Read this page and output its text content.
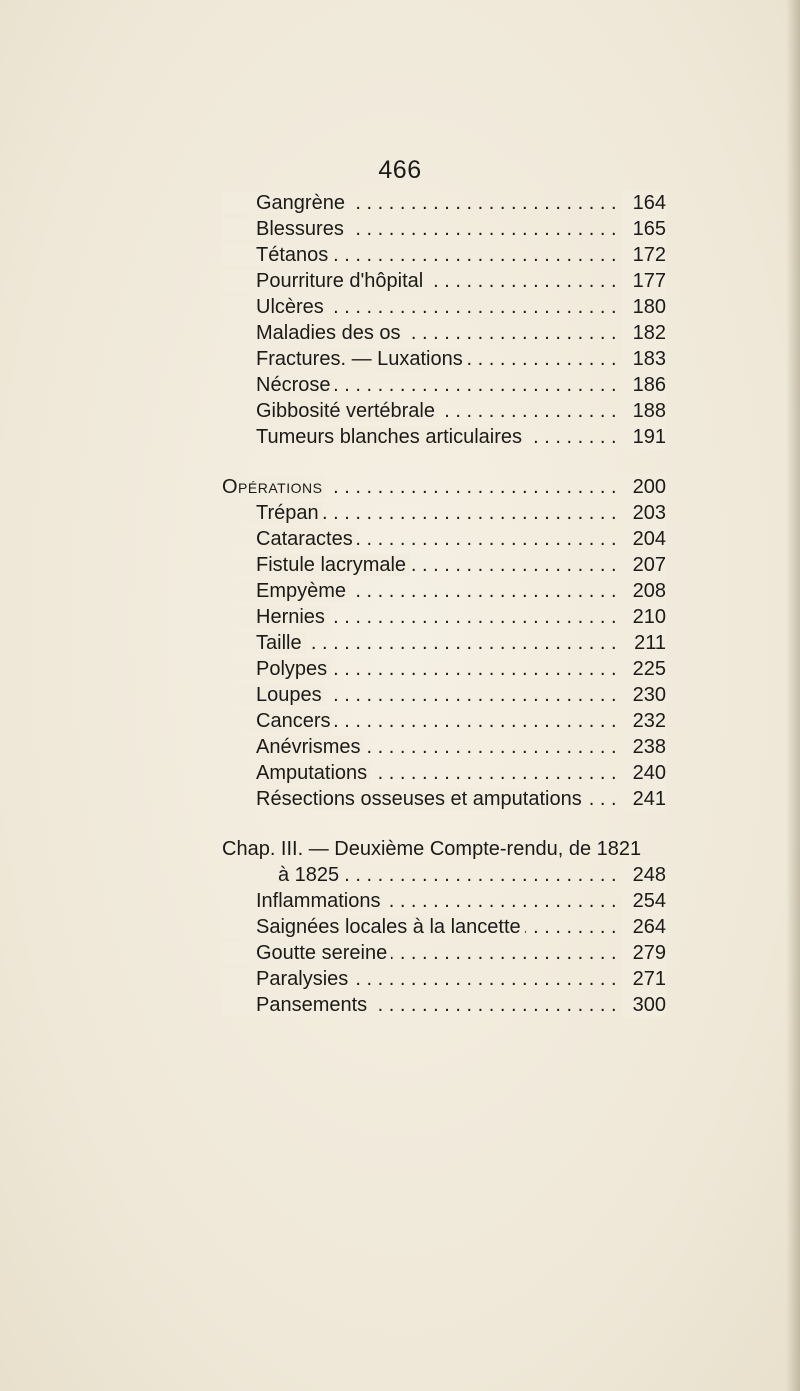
466
. . .
Gangrène	164
. . .
Blessures	165
. . .
Tétanos	172
. . .
Pourriture d'hôpital	177
. . .
Ulcères	180
. . .
Maladies des os	182
. . .
Fractures. — Luxations	183
. . .
Nécrose	186
. . .
Gibbosité vertébrale	188
. . .
Tumeurs blanches articulaires	191
. . .
Opérations	200
. . .
Trépan	203
. . .
Cataractes	204
. . .
Fistule lacrymale	207
. . .
Empyème	208
. . .
Hernies	210
. . .
Taille	211
. . .
Polypes	225
. . .
Loupes	230
. . .
Cancers	232
. . .
Anévrismes	238
. . .
Amputations	240
. . .
Résections osseuses et amputations	241
Chap. III. — Deuxième Compte-rendu, de 1821
. . .
à 1825	248
. . .
Inflammations	254
. . .
Saignées locales à la lancette	264
. . .
Goutte sereine	279
. . .
Paralysies	271
. . .
Pansements	300
